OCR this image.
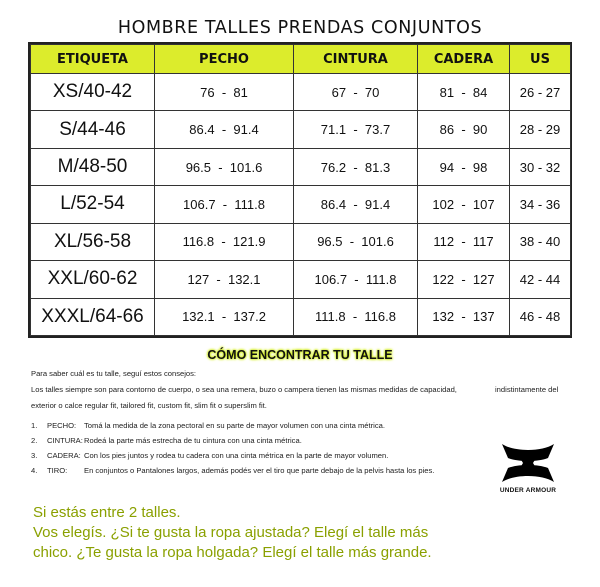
HOMBRE TALLES PRENDAS CONJUNTOS
ETIQUETA	PECHO	CINTURA	CADERA	US
XS/40-42	76  -  81	67  -  70	81  -  84	26 - 27
S/44-46	86.4  -  91.4	71.1  -  73.7	86  -  90	28 - 29
M/48-50	96.5  -  101.6	76.2  -  81.3	94  -  98	30 - 32
L/52-54	106.7  -  111.8	86.4  -  91.4	102  -  107	34 - 36
XL/56-58	116.8  -  121.9	96.5  -  101.6	112  -  117	38 - 40
XXL/60-62	127  -  132.1	106.7  -  111.8	122  -  127	42 - 44
XXXL/64-66	132.1  -  137.2	111.8  -  116.8	132  -  137	46 - 48
CÓMO ENCONTRAR TU TALLE
Para saber cuál es tu talle, seguí estos consejos:
Los talles siempre son para contorno de cuerpo, o sea una remera, buzo o campera tienen las mismas medidas de capacidad,	indistintamente del
exterior o calce regular fit, tailored fit, custom fit, slim fit o superslim fit.
1. PECHO: Tomá la medida de la zona pectoral en su parte de mayor volumen con una cinta métrica.
2. CINTURA: Rodeá la parte más estrecha de tu cintura con una cinta métrica.
3. CADERA: Con los pies juntos y rodea tu cadera con una cinta métrica en la parte de mayor volumen.
4. TIRO: En conjuntos o Pantalones largos, además podés ver el tiro que parte debajo de la pelvis hasta los pies.
UNDER ARMOUR
Si estás entre 2 talles.
Vos elegís. ¿Si te gusta la ropa ajustada? Elegí el talle más
chico. ¿Te gusta la ropa holgada? Elegí el talle más grande.
